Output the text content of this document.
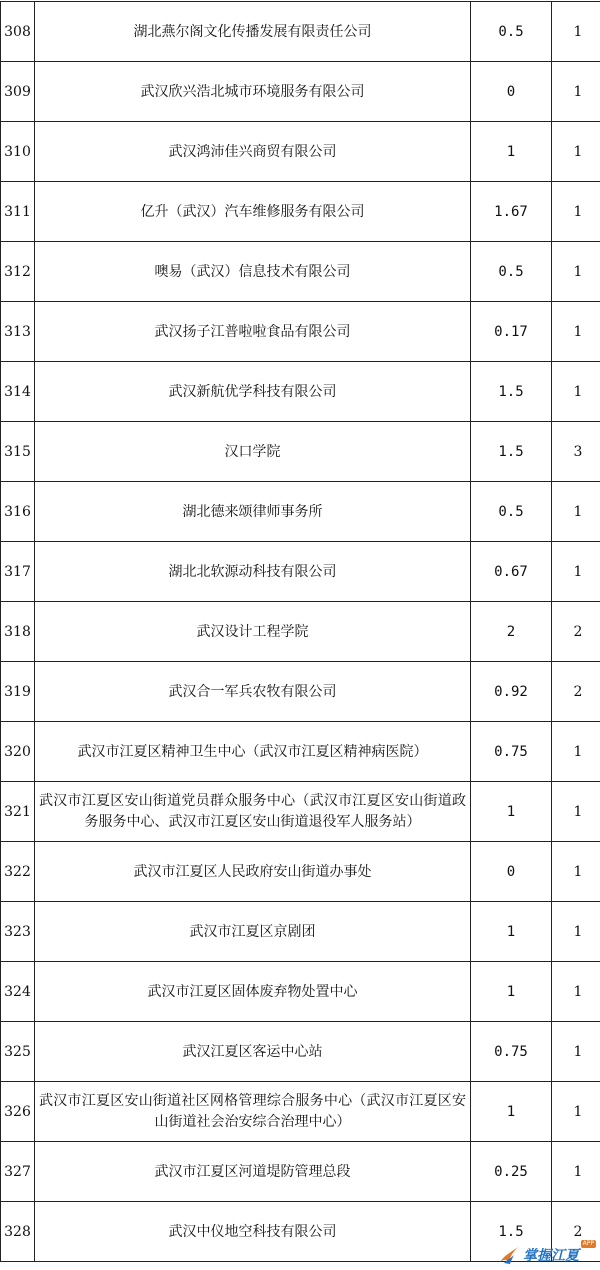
308	湖北燕尔阁文化传播发展有限责任公司	0.5	1
309	武汉欣兴浩北城市环境服务有限公司	0	1
310	武汉鸿沛佳兴商贸有限公司	1	1
311	亿升（武汉）汽车维修服务有限公司	1.67	1
312	噢易（武汉）信息技术有限公司	0.5	1
313	武汉扬子江普啦啦食品有限公司	0.17	1
314	武汉新航优学科技有限公司	1.5	1
315	汉口学院	1.5	3
316	湖北德来颂律师事务所	0.5	1
317	湖北北软源动科技有限公司	0.67	1
318	武汉设计工程学院	2	2
319	武汉合一军兵农牧有限公司	0.92	2
320	武汉市江夏区精神卫生中心（武汉市江夏区精神病医院）	0.75	1
321	武汉市江夏区安山街道党员群众服务中心（武汉市江夏区安山街道政务服务中心、武汉市江夏区安山街道退役军人服务站）	1	1
322	武汉市江夏区人民政府安山街道办事处	0	1
323	武汉市江夏区京剧团	1	1
324	武汉市江夏区固体废弃物处置中心	1	1
325	武汉江夏区客运中心站	0.75	1
326	武汉市江夏区安山街道社区网格管理综合服务中心（武汉市江夏区安山街道社会治安综合治理中心）	1	1
327	武汉市江夏区河道堤防管理总段	0.25	1
328	武汉中仪地空科技有限公司	1.5	2
掌握江夏
APP
